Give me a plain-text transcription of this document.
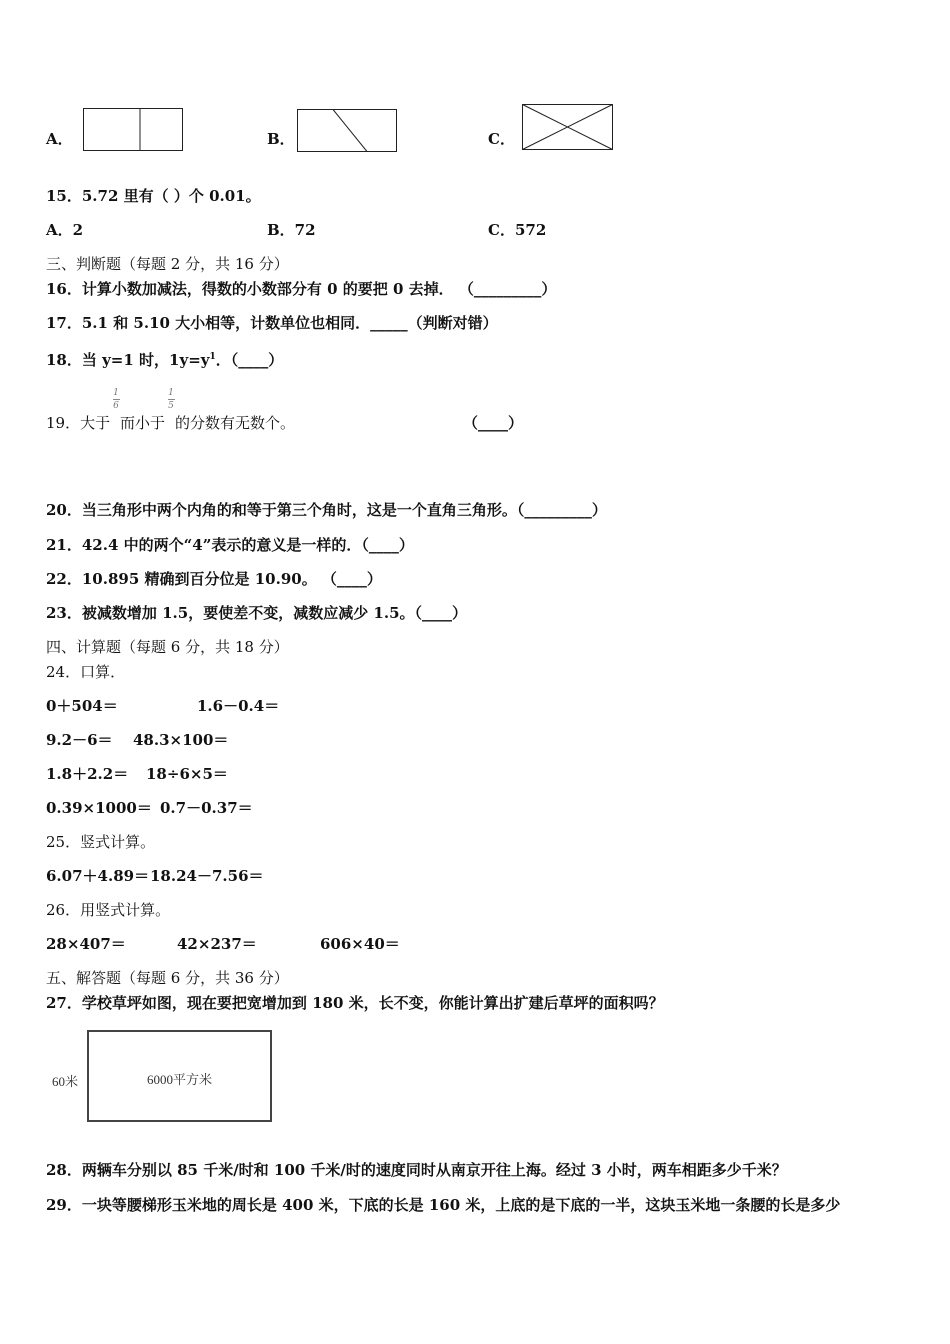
A．	B．	C．
15．5.72 里有（ ）个 0.01。
A．2	B．72	C．572
三、判断题（每题 2 分，共 16 分）
16．计算小数加减法，得数的小数部分有 0 的要把 0 去掉． （_________）
17．5.1 和 5.10 大小相等，计数单位也相同．_____（判断对错）
18．当 y=1 时，$1y=y^1$．（____）
19．大于
1
6
而小于
1
5
的分数有无数个。	（____）
20．当三角形中两个内角的和等于第三个角时，这是一个直角三角形。（_________）
21．42.4 中的两个“4”表示的意义是一样的．（____）
22．10.895 精确到百分位是 10.90。 （____）
23．被减数增加 1.5，要使差不变，减数应减少 1.5。（____）
四、计算题（每题 6 分，共 18 分）
24．口算．
0＋504＝	1.6－0.4＝
9.2－6＝ 48.3×100＝
1.8＋2.2＝ 18÷6×5＝
0.39×1000＝ 0.7－0.37＝
25．竖式计算。
6.07＋4.89＝ 18.24－7.56＝
26．用竖式计算。
28×407＝	42×237＝	606×40＝
五、解答题（每题 6 分，共 36 分）
27．学校草坪如图，现在要把宽增加到 180 米，长不变，你能计算出扩建后草坪的面积吗？
60米	6000平方米
28．两辆车分别以 85 千米/时和 100 千米/时的速度同时从南京开往上海。经过 3 小时，两车相距多少千米？
29．一块等腰梯形玉米地的周长是 400 米，下底的长是 160 米，上底的是下底的一半，这块玉米地一条腰的长是多少
